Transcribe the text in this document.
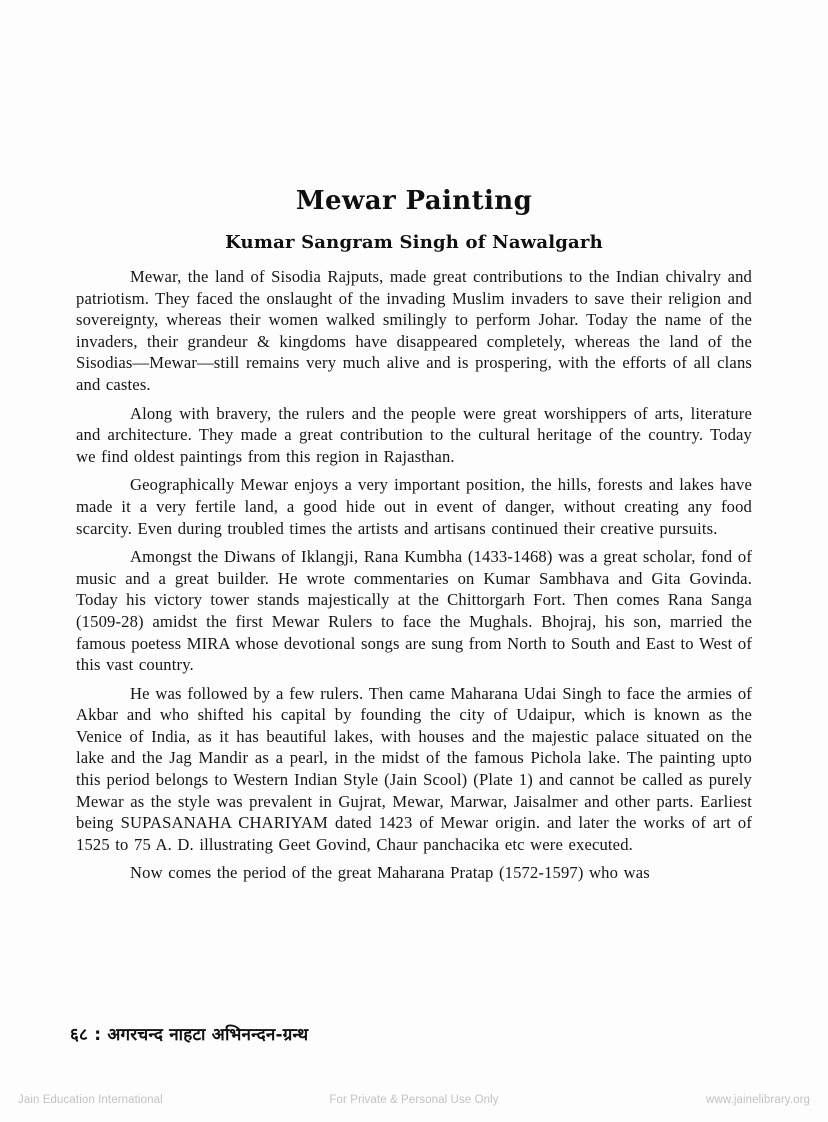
Mewar Painting
Kumar Sangram Singh of Nawalgarh

Mewar, the land of Sisodia Rajputs, made great contributions to the Indian chivalry and patriotism. They faced the onslaught of the invading Muslim invaders to save their religion and sovereignty, whereas their women walked smilingly to perform Johar. Today the name of the invaders, their grandeur & kingdoms have disappeared completely, whereas the land of the Sisodias—Mewar—still remains very much alive and is prospering, with the efforts of all clans and castes.

Along with bravery, the rulers and the people were great worshippers of arts, literature and architecture. They made a great contribution to the cultural heritage of the country. Today we find oldest paintings from this region in Rajasthan.

Geographically Mewar enjoys a very important position, the hills, forests and lakes have made it a very fertile land, a good hide out in event of danger, without creating any food scarcity. Even during troubled times the artists and artisans continued their creative pursuits.

Amongst the Diwans of Iklangji, Rana Kumbha (1433-1468) was a great scholar, fond of music and a great builder. He wrote commentaries on Kumar Sambhava and Gita Govinda. Today his victory tower stands majestically at the Chittorgarh Fort. Then comes Rana Sanga (1509-28) amidst the first Mewar Rulers to face the Mughals. Bhojraj, his son, married the famous poetess MIRA whose devotional songs are sung from North to South and East to West of this vast country.

He was followed by a few rulers. Then came Maharana Udai Singh to face the armies of Akbar and who shifted his capital by founding the city of Udaipur, which is known as the Venice of India, as it has beautiful lakes, with houses and the majestic palace situated on the lake and the Jag Mandir as a pearl, in the midst of the famous Pichola lake. The painting upto this period belongs to Western Indian Style (Jain Scool) (Plate 1) and cannot be called as purely Mewar as the style was prevalent in Gujrat, Mewar, Marwar, Jaisalmer and other parts. Earliest being SUPASANAHA CHARIYAM dated 1423 of Mewar origin. and later the works of art of 1525 to 75 A. D. illustrating Geet Govind, Chaur panchacika etc were executed.

Now comes the period of the great Maharana Pratap (1572-1597) who was

६८ : अगरचन्द नाहटा अभिनन्दन-ग्रन्थ
Jain Education International	For Private & Personal Use Only	www.jainelibrary.org
